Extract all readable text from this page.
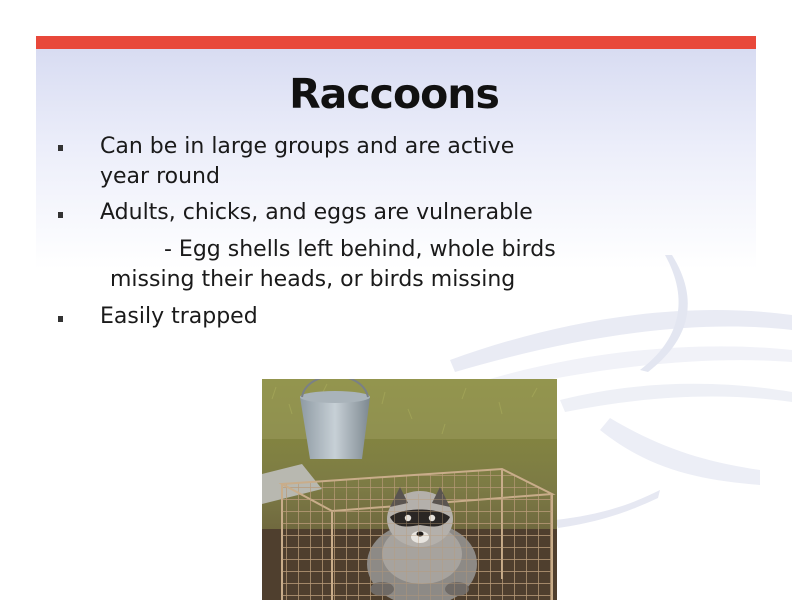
Raccoons
Can be in large groups and are active
year round
Adults, chicks, and eggs are vulnerable
- Egg shells left behind, whole birds
missing their heads, or birds missing
Easily trapped
